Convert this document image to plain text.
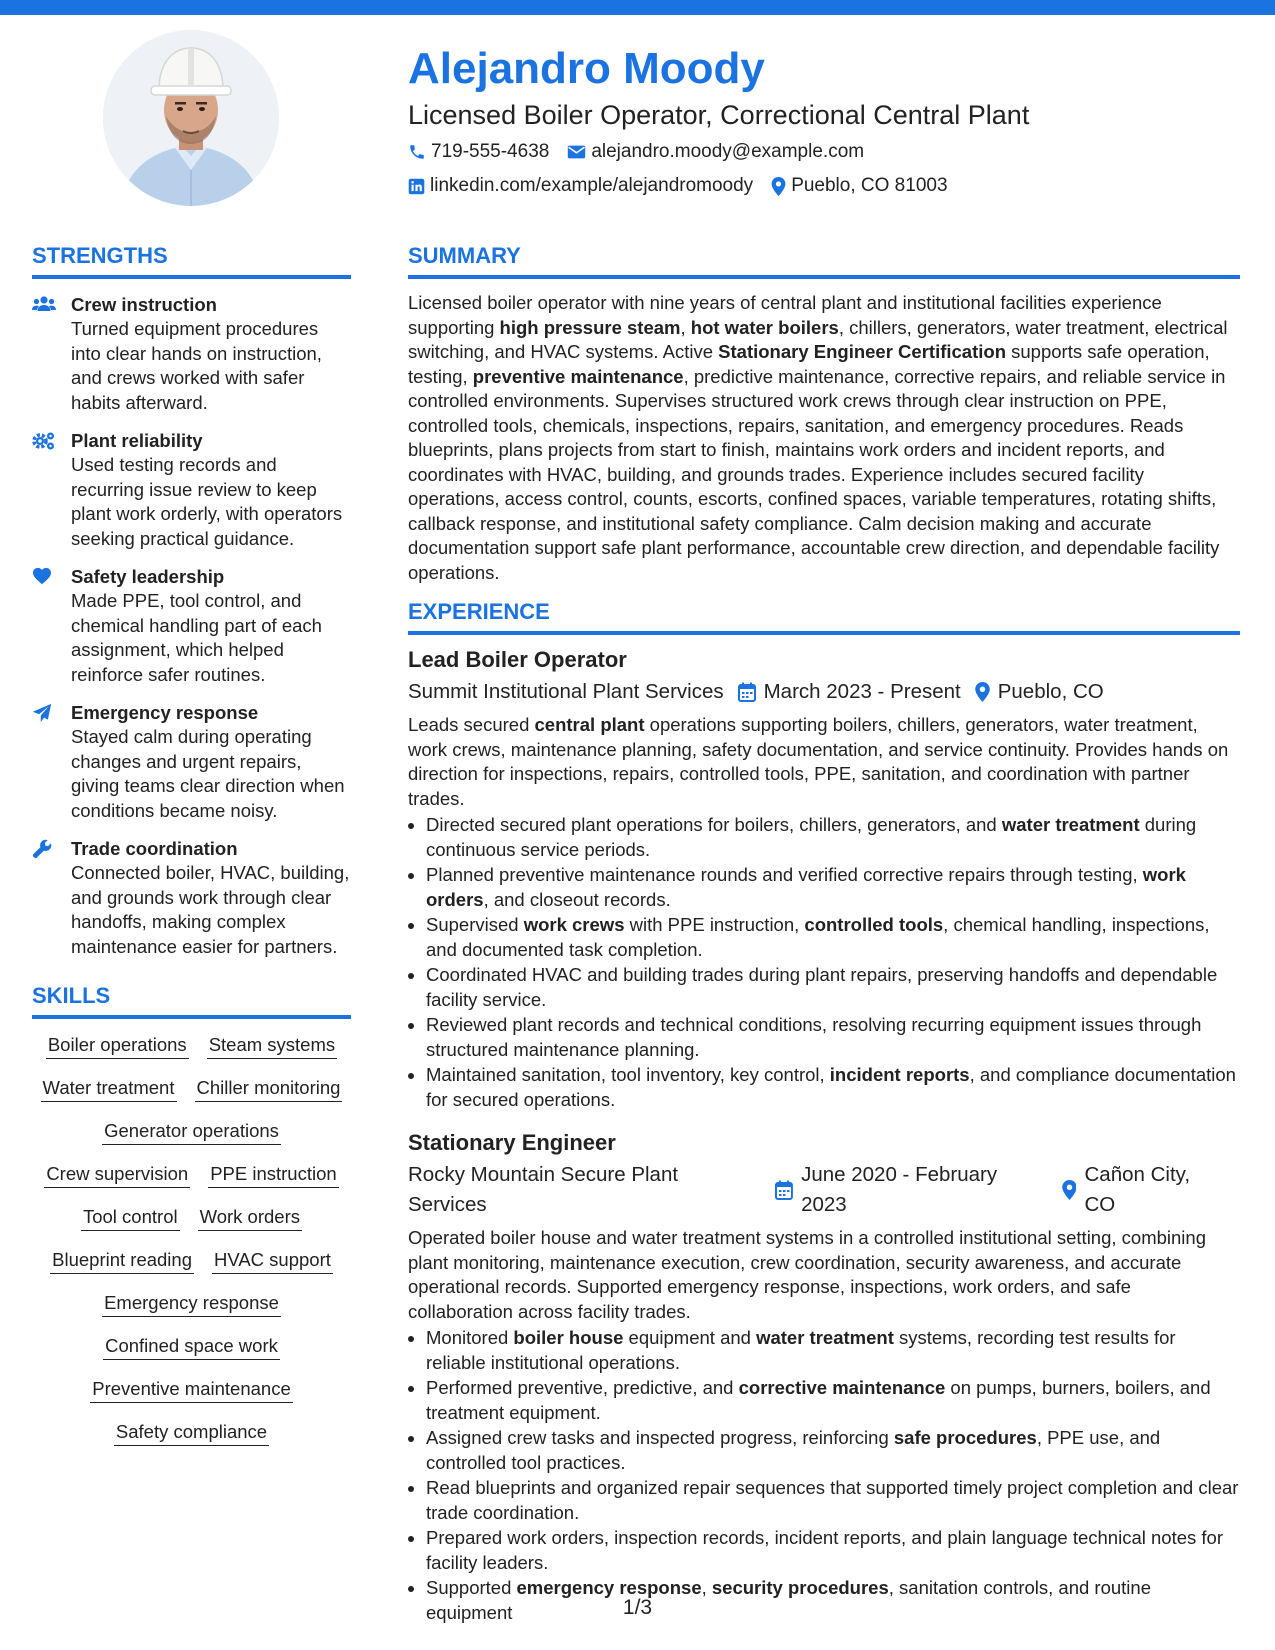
Alejandro Moody
Licensed Boiler Operator, Correctional Central Plant
719-555-4638 alejandro.moody@example.com
linkedin.com/example/alejandromoody Pueblo, CO 81003
STRENGTHS
Crew instruction
Turned equipment procedures into clear hands on instruction, and crews worked with safer habits afterward.
Plant reliability
Used testing records and recurring issue review to keep plant work orderly, with operators seeking practical guidance.
Safety leadership
Made PPE, tool control, and chemical handling part of each assignment, which helped reinforce safer routines.
Emergency response
Stayed calm during operating changes and urgent repairs, giving teams clear direction when conditions became noisy.
Trade coordination
Connected boiler, HVAC, building, and grounds work through clear handoffs, making complex maintenance easier for partners.
SKILLS
Boiler operations Steam systems
Water treatment Chiller monitoring
Generator operations
Crew supervision PPE instruction
Tool control Work orders
Blueprint reading HVAC support
Emergency response
Confined space work
Preventive maintenance
Safety compliance
SUMMARY
Licensed boiler operator with nine years of central plant and institutional facilities experience supporting high pressure steam, hot water boilers, chillers, generators, water treatment, electrical switching, and HVAC systems. Active Stationary Engineer Certification supports safe operation, testing, preventive maintenance, predictive maintenance, corrective repairs, and reliable service in controlled environments. Supervises structured work crews through clear instruction on PPE, controlled tools, chemicals, inspections, repairs, sanitation, and emergency procedures. Reads blueprints, plans projects from start to finish, maintains work orders and incident reports, and coordinates with HVAC, building, and grounds trades. Experience includes secured facility operations, access control, counts, escorts, confined spaces, variable temperatures, rotating shifts, callback response, and institutional safety compliance. Calm decision making and accurate documentation support safe plant performance, accountable crew direction, and dependable facility operations.
EXPERIENCE
Lead Boiler Operator
Summit Institutional Plant Services March 2023 - Present Pueblo, CO
Leads secured central plant operations supporting boilers, chillers, generators, water treatment, work crews, maintenance planning, safety documentation, and service continuity. Provides hands on direction for inspections, repairs, controlled tools, PPE, sanitation, and coordination with partner trades.
• Directed secured plant operations for boilers, chillers, generators, and water treatment during continuous service periods.
• Planned preventive maintenance rounds and verified corrective repairs through testing, work orders, and closeout records.
• Supervised work crews with PPE instruction, controlled tools, chemical handling, inspections, and documented task completion.
• Coordinated HVAC and building trades during plant repairs, preserving handoffs and dependable facility service.
• Reviewed plant records and technical conditions, resolving recurring equipment issues through structured maintenance planning.
• Maintained sanitation, tool inventory, key control, incident reports, and compliance documentation for secured operations.
Stationary Engineer
Rocky Mountain Secure Plant Services
June 2020 - February 2023
Cañon City, CO
Operated boiler house and water treatment systems in a controlled institutional setting, combining plant monitoring, maintenance execution, crew coordination, security awareness, and accurate operational records. Supported emergency response, inspections, work orders, and safe collaboration across facility trades.
• Monitored boiler house equipment and water treatment systems, recording test results for reliable institutional operations.
• Performed preventive, predictive, and corrective maintenance on pumps, burners, boilers, and treatment equipment.
• Assigned crew tasks and inspected progress, reinforcing safe procedures, PPE use, and controlled tool practices.
• Read blueprints and organized repair sequences that supported timely project completion and clear trade coordination.
• Prepared work orders, inspection records, incident reports, and plain language technical notes for facility leaders.
• Supported emergency response, security procedures, sanitation controls, and routine equipment	1/3
